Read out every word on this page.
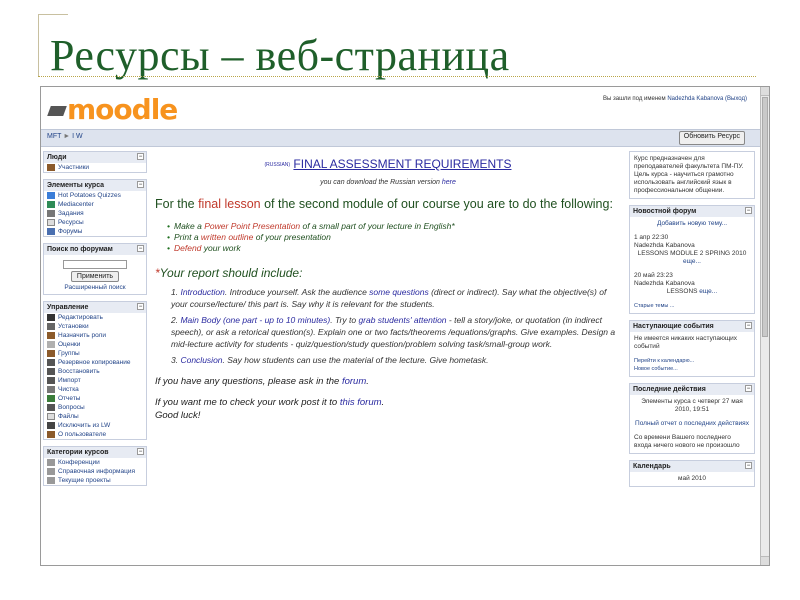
Ресурсы – веб-страница
moodle	Вы зашли под именем Nadezhda Kabanova (Выход)
MFT ► I W	Обновить Ресурс
Люди	−
Участники
Элементы курса	−
Hot Potatoes Quizzes
Mediacenter
Задания
Ресурсы
Форумы
Поиск по форумам	−
Применить
Расширенный поиск
Управление	−
Редактировать
Установки
Назначить роли
Оценки
Группы
Резервное копирование
Восстановить
Импорт
Чистка
Отчеты
Вопросы
Файлы
Исключить из LW
О пользователе
Категории курсов	−
Конференции
Справочная информация
Текущие проекты
(RUSSIAN) FINAL ASSESSMENT REQUIREMENTS
you can download the Russian version here
For the final lesson of the second module of our course you are to do the following:
• Make a Power Point Presentation of a small part of your lecture in English*
• Print a written outline of your presentation
• Defend your work
*Your report should include:
1. Introduction. Introduce yourself. Ask the audience some questions (direct or indirect). Say what the objective(s) of your course/lecture/ this part is. Say why it is relevant for the students.
2. Main Body (one part - up to 10 minutes). Try to grab students' attention - tell a story/joke, or quotation (in indirect speech), or ask a retorical question(s). Explain one or two facts/theorems /equations/graphs. Give examples. Design a mid-lecture activity for students - quiz/question/study question/problem solving task/small-group work.
3. Conclusion. Say how students can use the material of the lecture. Give hometask.
If you have any questions, please ask in the forum.
If you want me to check your work post it to this forum.
Good luck!
Курс предназначен для преподавателей факультета ПМ-ПУ. Цель курса - научиться грамотно использовать английский язык в профессиональном общении.
Новостной форум	−
Добавить новую тему...
1 апр 22:30
Nadezhda Kabanova
LESSONS MODULE 2 SPRING 2010 еще...
20 май 23:23
Nadezhda Kabanova
LESSONS еще...
Старые темы ...
Наступающие события	−
Не имеется никаких наступающих событий
Перейти к календарю...
Новое событие...
Последние действия	−
Элементы курса с четверг 27 мая 2010, 19:51
Полный отчет о последних действиях
Со времени Вашего последнего входа ничего нового не произошло
Календарь	−
май 2010
